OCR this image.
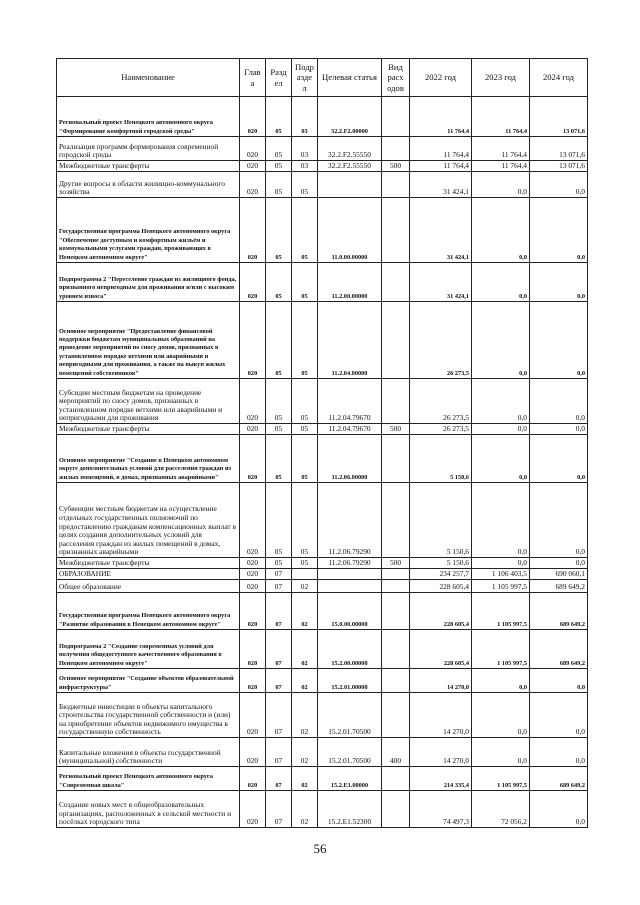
Наименование	Глав а	Разд ел	Подр азде л	Целевая статья	Вид расх одов	2022 год	2023 год	2024 год
Региональный проект Ненецкого автономного округа "Формирование комфортной городской среды"	020	05	03	32.2.F2.00000		11 764,4	11 764,4	13 071,6
Реализация программ формирования современной городской среды	020	05	03	32.2.F2.55550		11 764,4	11 764,4	13 071,6
Межбюджетные трансферты	020	05	03	32.2.F2.55550	500	11 764,4	11 764,4	13 071,6
Другие вопросы в области жилищно-коммунального хозяйства	020	05	05			31 424,1	0,0	0,0
Государственная программа Ненецкого автономного округа "Обеспечение доступным и комфортным жильём и коммунальными услугами граждан, проживающих в Ненецком автономном округе"	020	05	05	11.0.00.00000		31 424,1	0,0	0,0
Подпрограмма 2 "Переселение граждан из жилищного фонда, признанного непригодным для проживания и/или с высоким уровнем износа"	020	05	05	11.2.00.00000		31 424,1	0,0	0,0
Основное мероприятие "Предоставление финансовой поддержки бюджетам муниципальных образований на проведение мероприятий по сносу домов, признанных в установленном порядке ветхими или аварийными и непригодными для проживания, а также на выкуп жилых помещений собственников"	020	05	05	11.2.04.00000		26 273,5	0,0	0,0
Субсидии местным бюджетам на проведение мероприятий по сносу домов, признанных в установленном порядке ветхими или аварийными и непригодными для проживания	020	05	05	11.2.04.79670		26 273,5	0,0	0,0
Межбюджетные трансферты	020	05	05	11.2.04.79670	500	26 273,5	0,0	0,0
Основное мероприятие "Создание в Ненецком автономном округе дополнительных условий для расселения граждан из жилых помещений, в домах, признанных аварийными"	020	05	05	11.2.06.00000		5 150,6	0,0	0,0
Субвенции местным бюджетам на осуществление отдельных государственных полномочий по предоставлению гражданам компенсационных выплат в целях создания дополнительных условий для расселения граждан из жилых помещений в домах, признанных аварийными	020	05	05	11.2.06.79290		5 150,6	0,0	0,0
Межбюджетные трансферты	020	05	05	11.2.06.79290	500	5 150,6	0,0	0,0
ОБРАЗОВАНИЕ	020	07				234 257,7	1 106 403,5	690 060,1
Общее образование	020	07	02			228 605,4	1 105 997,5	689 649,2
Государственная программа Ненецкого автономного округа "Развитие образования в Ненецком автономном округе"	020	07	02	15.0.00.00000		228 605,4	1 105 997,5	689 649,2
Подпрограмма 2 "Создание современных условий для получения общедоступного качественного образования в Ненецком автономном округе"	020	07	02	15.2.00.00000		228 605,4	1 105 997,5	689 649,2
Основное мероприятие "Создание объектов образовательной инфраструктуры"	020	07	02	15.2.01.00000		14 270,0	0,0	0,0
Бюджетные инвестиции в объекты капитального строительства государственной собственности и (или) на приобретение объектов недвижимого имущества в государственную собственность	020	07	02	15.2.01.70500		14 270,0	0,0	0,0
Капитальные вложения в объекты государственной (муниципальной) собственности	020	07	02	15.2.01.70500	400	14 270,0	0,0	0,0
Региональный проект Ненецкого автономного округа "Современная школа"	020	07	02	15.2.E1.00000		214 335,4	1 105 997,5	689 649,2
Создание новых мест в общеобразовательных организациях, расположенных в сельской местности и посёлках городского типа	020	07	02	15.2.E1.52300		74 497,3	72 056,2	0,0
56
